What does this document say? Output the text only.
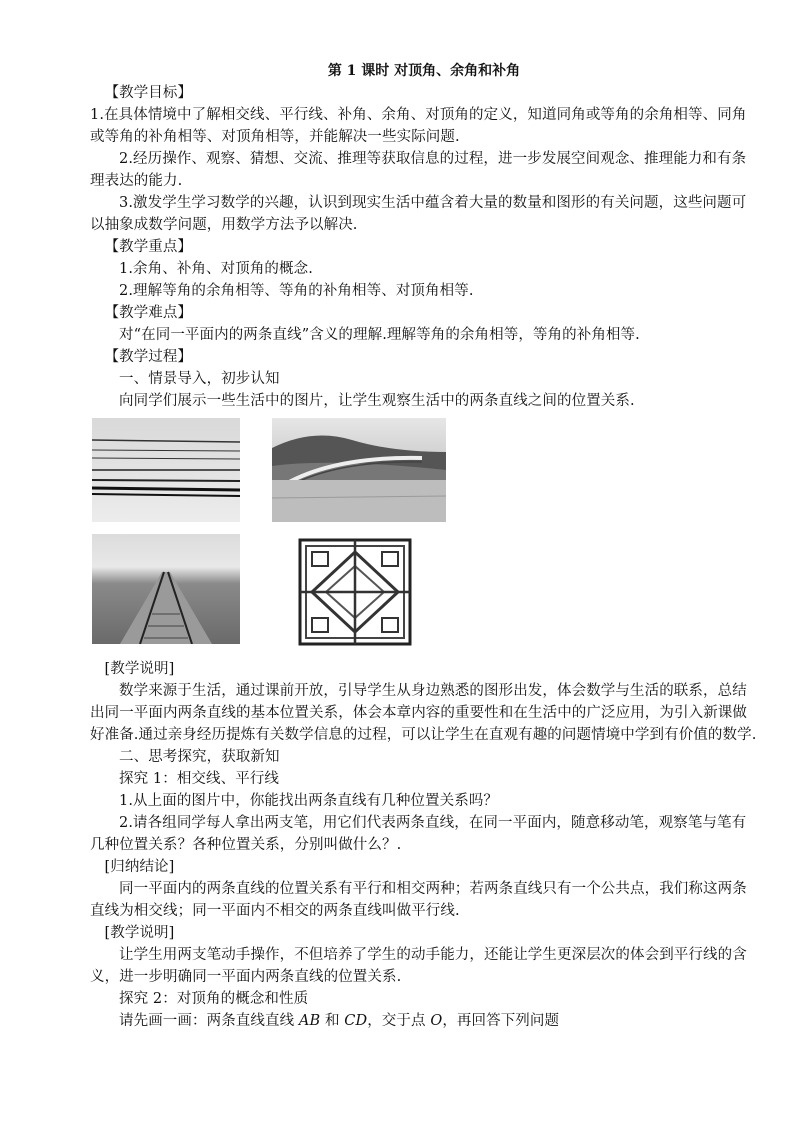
第 1 课时 对顶角、余角和补角

【教学目标】

1.在具体情境中了解相交线、平行线、补角、余角、对顶角的定义，知道同角或等角的余角相等、同角或等角的补角相等、对顶角相等，并能解决一些实际问题.

2.经历操作、观察、猜想、交流、推理等获取信息的过程，进一步发展空间观念、推理能力和有条理表达的能力.

3.激发学生学习数学的兴趣，认识到现实生活中蕴含着大量的数量和图形的有关问题，这些问题可以抽象成数学问题，用数学方法予以解决.

【教学重点】

1.余角、补角、对顶角的概念.

2.理解等角的余角相等、等角的补角相等、对顶角相等.

【教学难点】

对“在同一平面内的两条直线”含义的理解.理解等角的余角相等，等角的补角相等.

【教学过程】

一、情景导入，初步认知

向同学们展示一些生活中的图片，让学生观察生活中的两条直线之间的位置关系.

[教学说明]

数学来源于生活，通过课前开放，引导学生从身边熟悉的图形出发，体会数学与生活的联系，总结出同一平面内两条直线的基本位置关系，体会本章内容的重要性和在生活中的广泛应用，为引入新课做好准备.通过亲身经历提炼有关数学信息的过程，可以让学生在直观有趣的问题情境中学到有价值的数学.

二、思考探究，获取新知

探究 1：相交线、平行线

1.从上面的图片中，你能找出两条直线有几种位置关系吗？

2.请各组同学每人拿出两支笔，用它们代表两条直线，在同一平面内，随意移动笔，观察笔与笔有几种位置关系？各种位置关系，分别叫做什么？.

[归纳结论]

同一平面内的两条直线的位置关系有平行和相交两种；若两条直线只有一个公共点，我们称这两条直线为相交线；同一平面内不相交的两条直线叫做平行线.

[教学说明]

让学生用两支笔动手操作，不但培养了学生的动手能力，还能让学生更深层次的体会到平行线的含义，进一步明确同一平面内两条直线的位置关系.

探究 2：对顶角的概念和性质

请先画一画：两条直线直线 AB 和 CD，交于点 O，再回答下列问题
